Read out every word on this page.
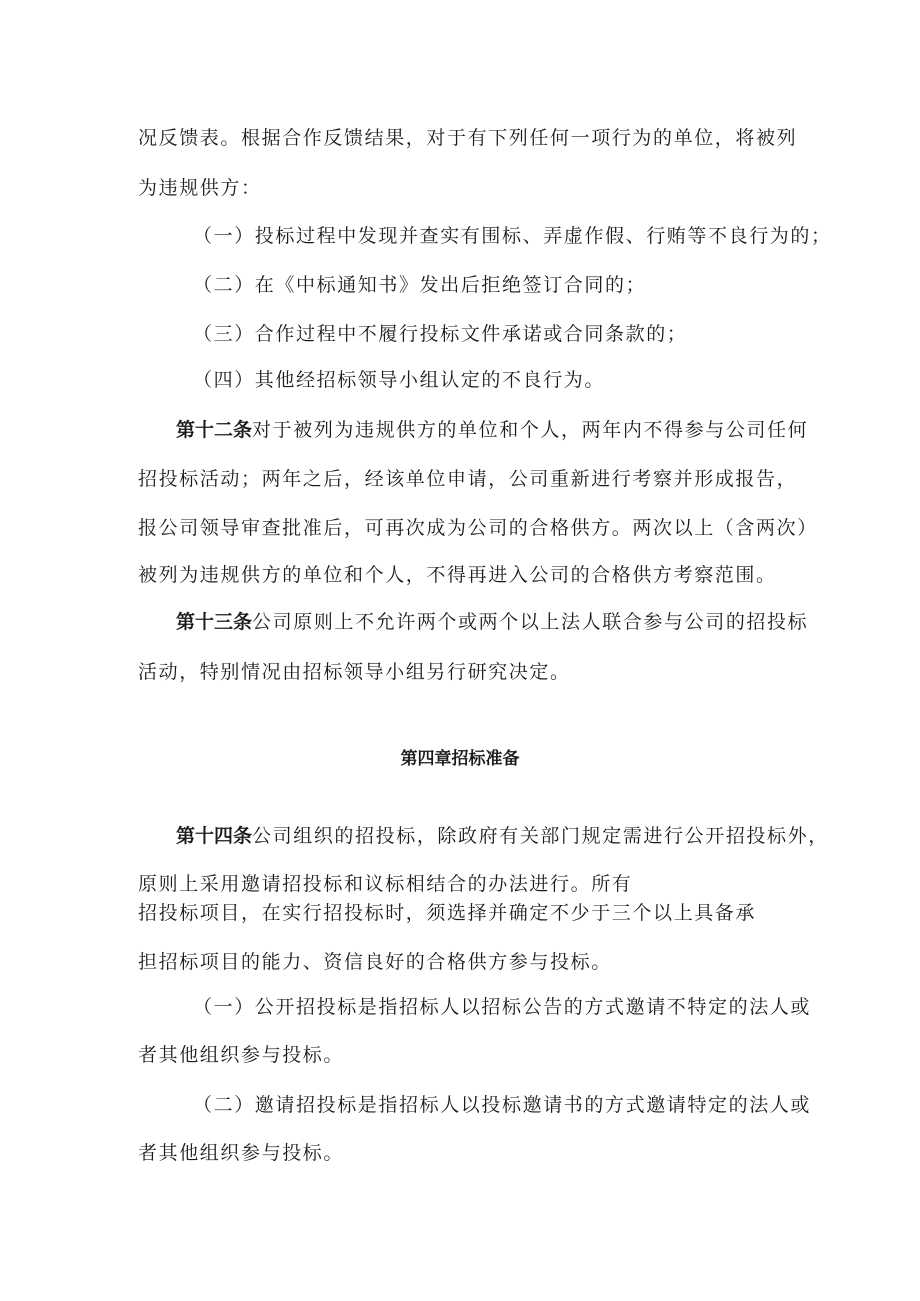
况反馈表。根据合作反馈结果，对于有下列任何一项行为的单位，将被列
为违规供方：
（一）投标过程中发现并查实有围标、弄虚作假、行贿等不良行为的；
（二）在《中标通知书》发出后拒绝签订合同的；
（三）合作过程中不履行投标文件承诺或合同条款的；
（四）其他经招标领导小组认定的不良行为。
第十二条对于被列为违规供方的单位和个人，两年内不得参与公司任何
招投标活动；两年之后，经该单位申请，公司重新进行考察并形成报告，
报公司领导审查批准后，可再次成为公司的合格供方。两次以上（含两次）
被列为违规供方的单位和个人，不得再进入公司的合格供方考察范围。
第十三条公司原则上不允许两个或两个以上法人联合参与公司的招投标
活动，特别情况由招标领导小组另行研究决定。
第四章招标准备
第十四条公司组织的招投标，除政府有关部门规定需进行公开招投标外，
原则上采用邀请招投标和议标相结合的办法进行。所有
招投标项目，在实行招投标时，须选择并确定不少于三个以上具备承
担招标项目的能力、资信良好的合格供方参与投标。
（一）公开招投标是指招标人以招标公告的方式邀请不特定的法人或
者其他组织参与投标。
（二）邀请招投标是指招标人以投标邀请书的方式邀请特定的法人或
者其他组织参与投标。
